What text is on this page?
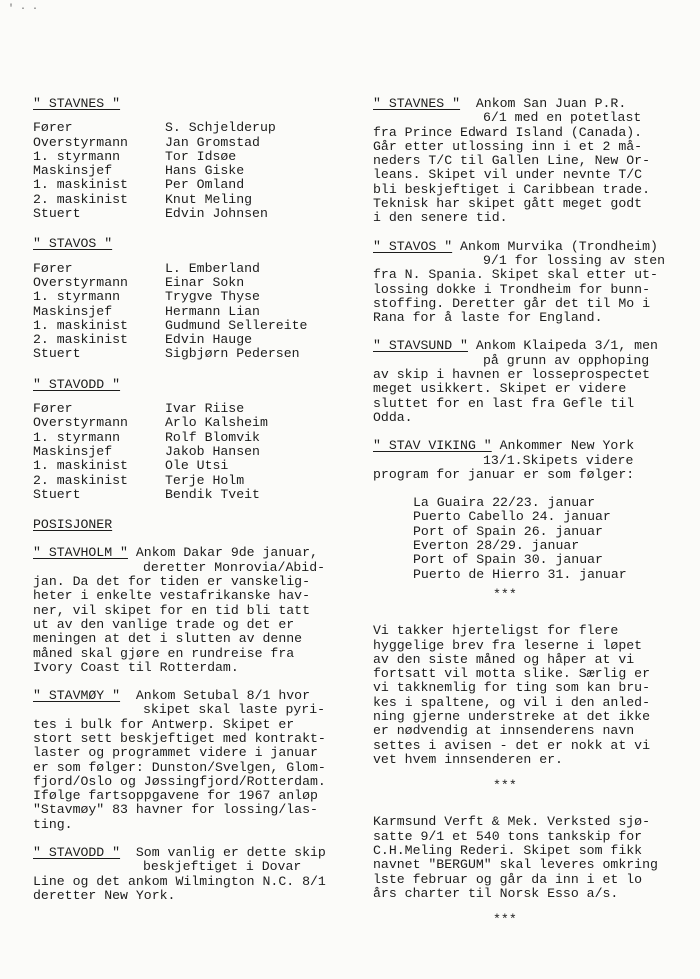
' · ·
" STAVNES "
Fører	S. Schjelderup
Overstyrmann	Jan Gromstad
1. styrmann	Tor Idsøe
Maskinsjef	Hans Giske
1. maskinist	Per Omland
2. maskinist	Knut Meling
Stuert	Edvin Johnsen
" STAVOS "
Fører	L. Emberland
Overstyrmann	Einar Sokn
1. styrmann	Trygve Thyse
Maskinsjef	Hermann Lian
1. maskinist	Gudmund Sellereite
2. maskinist	Edvin Hauge
Stuert	Sigbjørn Pedersen
" STAVODD "
Fører	Ivar Riise
Overstyrmann	Arlo Kalsheim
1. styrmann	Rolf Blomvik
Maskinsjef	Jakob Hansen
1. maskinist	Ole Utsi
2. maskinist	Terje Holm
Stuert	Bendik Tveit
POSISJONER
" STAVHOLM " Ankom Dakar 9de januar,
deretter Monrovia/Abid-
jan. Da det for tiden er vanskelig-
heter i enkelte vestafrikanske hav-
ner, vil skipet for en tid bli tatt
ut av den vanlige trade og det er
meningen at det i slutten av denne
måned skal gjøre en rundreise fra
Ivory Coast til Rotterdam.
" STAVMØY " Ankom Setubal 8/1 hvor
skipet skal laste pyri-
tes i bulk for Antwerp. Skipet er
stort sett beskjeftiget med kontrakt-
laster og programmet videre i januar
er som følger: Dunston/Svelgen, Glom-
fjord/Oslo og Jøssingfjord/Rotterdam.
Ifølge fartsoppgavene for 1967 anløp
"Stavmøy" 83 havner for lossing/las-
ting.
" STAVODD " Som vanlig er dette skip
beskjeftiget i Dovar
Line og det ankom Wilmington N.C. 8/1
deretter New York.
" STAVNES " Ankom San Juan P.R.
6/1 med en potetlast
fra Prince Edward Island (Canada).
Går etter utlossing inn i et 2 må-
neders T/C til Gallen Line, New Or-
leans. Skipet vil under nevnte T/C
bli beskjeftiget i Caribbean trade.
Teknisk har skipet gått meget godt
i den senere tid.
" STAVOS " Ankom Murvika (Trondheim)
9/1 for lossing av sten
fra N. Spania. Skipet skal etter ut-
lossing dokke i Trondheim for bunn-
stoffing. Deretter går det til Mo i
Rana for å laste for England.
" STAVSUND " Ankom Klaipeda 3/1, men
på grunn av opphoping
av skip i havnen er losseprospectet
meget usikkert. Skipet er videre
sluttet for en last fra Gefle til
Odda.
" STAV VIKING " Ankommer New York
13/1.Skipets videre
program for januar er som følger:
La Guaira 22/23. januar
Puerto Cabello 24. januar
Port of Spain 26. januar
Everton 28/29. januar
Port of Spain 30. januar
Puerto de Hierro 31. januar
***
Vi takker hjerteligst for flere
hyggelige brev fra leserne i løpet
av den siste måned og håper at vi
fortsatt vil motta slike. Særlig er
vi takknemlig for ting som kan bru-
kes i spaltene, og vil i den anled-
ning gjerne understreke at det ikke
er nødvendig at innsenderens navn
settes i avisen - det er nokk at vi
vet hvem innsenderen er.
***
Karmsund Verft & Mek. Verksted sjø-
satte 9/1 et 540 tons tankskip for
C.H.Meling Rederi. Skipet som fikk
navnet "BERGUM" skal leveres omkring
lste februar og går da inn i et lo
års charter til Norsk Esso a/s.
***
